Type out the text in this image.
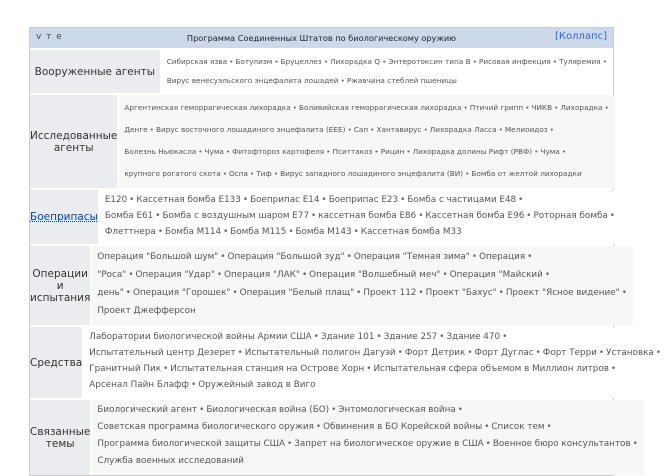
v т e	Программа Соединенных Штатов по биологическому оружию	[Коллапс]
Вооруженные агенты
Сибирская язва • Ботулизм • Бруцеллез • Лихорадка Q • Энтеротоксин типа B • Рисовая инфекция • Туляремия •
Вирус венесуэльского энцефалита лошадей • Ржавчина стеблей пшеницы
Исследованные агенты
Аргентинская геморрагическая лихорадка • Боливийская геморрагическая лихорадка • Птичий грипп • ЧИКВ • Лихорадка •
Денге • Вирус восточного лошадиного энцефалита (EEE) • Сап • Хантавирус • Лихорадка Ласса • Мелиоидоз •
Болезнь Ньюкасла • Чума • Фитофтороз картофеля • Пситтакоз • Рицин • Лихорадка долины Рифт (РВФ) • Чума •
крупного рогатого скота • Оспа • Тиф • Вирус западного лошадиного энцефалита (ВИ) • Бомба от желтой лихорадки
Боеприпасы
E120 • Кассетная бомба E133 • Боеприпас E14 • Боеприпас E23 • Бомба с частицами E48 •
Бомба E61 • Бомба с воздушным шаром E77 • кассетная бомба E86 • Кассетная бомба E96 • Роторная бомба •
Флеттнера • Бомба M114 • Бомба M115 • Бомба M143 • Кассетная бомба M33
Операции и испытания
Операция "Большой шум" • Операция "Большой зуд" • Операция "Темная зима" • Операция •
"Роса" • Операция "Удар" • Операция "ЛАК" • Операция "Волшебный меч" • Операция "Майский •
день" • Операция "Горошек" • Операция "Белый плащ" • Проект 112 • Проект "Бахус" • Проект "Ясное видение" •
Проект Джефферсон
Средства
Лаборатории биологической войны Армии США • Здание 101 • Здание 257 • Здание 470 •
Испытательный центр Дезерет • Испытательный полигон Дагуэй • Форт Детрик • Форт Дуглас • Форт Терри • Установка •
Гранитный Пик • Испытательная станция на Острове Хорн • Испытательная сфера объемом в Миллион литров •
Арсенал Пайн Блафф • Оружейный завод в Виго
Связанные темы
Биологический агент • Биологическая война (БО) • Энтомологическая война •
Советская программа биологического оружия • Обвинения в БО Корейской войны • Список тем •
Программа биологической защиты США • Запрет на биологическое оружие в США • Военное бюро консультантов •
Служба военных исследований
